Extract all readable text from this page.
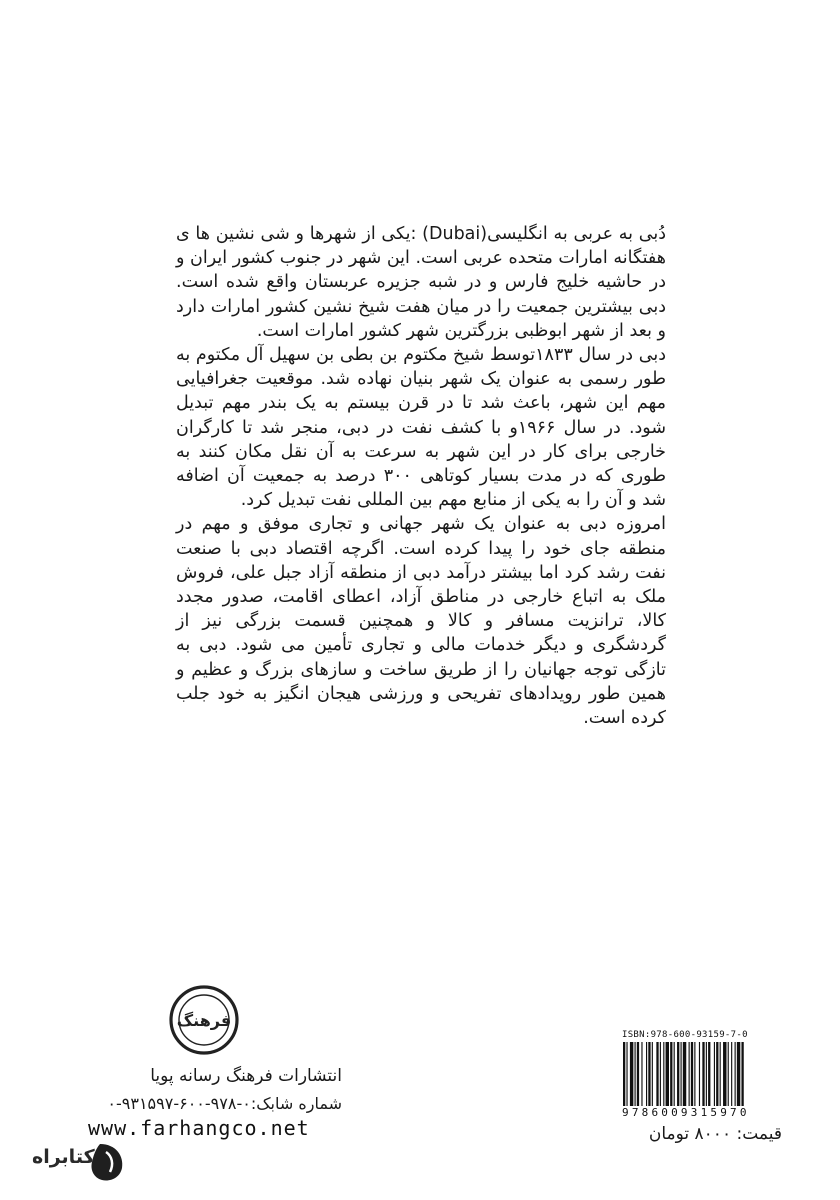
دُبی به عربی به انگلیسی(Dubai) :یکی از شهرها و شی نشین ها ی هفتگانه امارات متحده عربی است. این شهر در جنوب کشور ایران و در حاشیه خلیج فارس و در شبه جزیره عربستان واقع شده است. دبی بیشترین جمعیت را در میان هفت شیخ نشین کشور امارات دارد و بعد از شهر ابوظبی بزرگترین شهر کشور امارات است.

دبی در سال ۱۸۳۳توسط شیخ مکتوم بن بطی بن سهیل آل مکتوم به طور رسمی به عنوان یک شهر بنیان نهاده شد. موقعیت جغرافیایی مهم این شهر، باعث شد تا در قرن بیستم به یک بندر مهم تبدیل شود. در سال ۱۹۶۶و با کشف نفت در دبی، منجر شد تا کارگران خارجی برای کار در این شهر به سرعت به آن نقل مکان کنند به طوری که در مدت بسیار کوتاهی ۳۰۰ درصد به جمعیت آن اضافه شد و آن را به یکی از منابع مهم بین المللی نفت تبدیل کرد.

امروزه دبی به عنوان یک شهر جهانی و تجاری موفق و مهم در منطقه جای خود را پیدا کرده است. اگرچه اقتصاد دبی با صنعت نفت رشد کرد اما بیشتر درآمد دبی از منطقه آزاد جبل علی، فروش ملک به اتباع خارجی در مناطق آزاد، اعطای اقامت، صدور مجدد کالا، ترانزیت مسافر و کالا و همچنین قسمت بزرگی نیز از گردشگری و دیگر خدمات مالی و تجاری تأمین می شود. دبی به تازگی توجه جهانیان را از طریق ساخت و سازهای بزرگ و عظیم و همین طور رویدادهای تفریحی و ورزشی هیجان انگیز به خود جلب کرده است.

فرهنگ
انتشارات فرهنگ رسانه پویا
شماره شابک:۰-۹۷۸-۶۰۰-۹۳۱۵۹۷-۰
www.farhangco.net
ISBN:978-600-93159-7-0
9786009315970
قیمت: ۸۰۰۰ تومان
کتابراه
